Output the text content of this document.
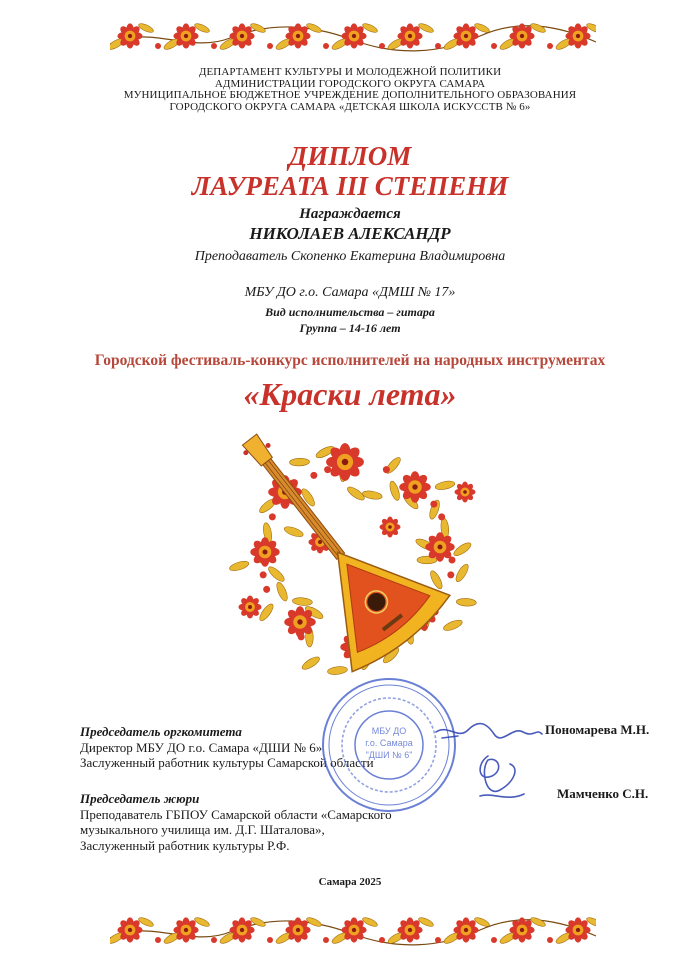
ДЕПАРТАМЕНТ КУЛЬТУРЫ И МОЛОДЕЖНОЙ ПОЛИТИКИ
АДМИНИСТРАЦИИ ГОРОДСКОГО ОКРУГА САМАРА
МУНИЦИПАЛЬНОЕ БЮДЖЕТНОЕ УЧРЕЖДЕНИЕ ДОПОЛНИТЕЛЬНОГО ОБРАЗОВАНИЯ
ГОРОДСКОГО ОКРУГА САМАРА «ДЕТСКАЯ ШКОЛА ИСКУССТВ № 6»
ДИПЛОМ
ЛАУРЕАТА III СТЕПЕНИ
Награждается
НИКОЛАЕВ АЛЕКСАНДР
Преподаватель Скопенко Екатерина Владимировна
МБУ ДО г.о. Самара «ДМШ № 17»
Вид исполнительства – гитара
Группа – 14-16 лет
Городской фестиваль-конкурс исполнителей на народных инструментах
«Краски лета»
Председатель оргкомитета
Директор МБУ ДО г.о. Самара «ДШИ № 6»
Заслуженный работник культуры Самарской области
Пономарева М.Н.
Председатель жюри
Преподаватель ГБПОУ Самарской области «Самарского
музыкального училища им. Д.Г. Шаталова»,
Заслуженный работник культуры Р.Ф.
Мамченко С.Н.
МБУ ДО
г.о. Самара
"ДШИ № 6"
Самара 2025
